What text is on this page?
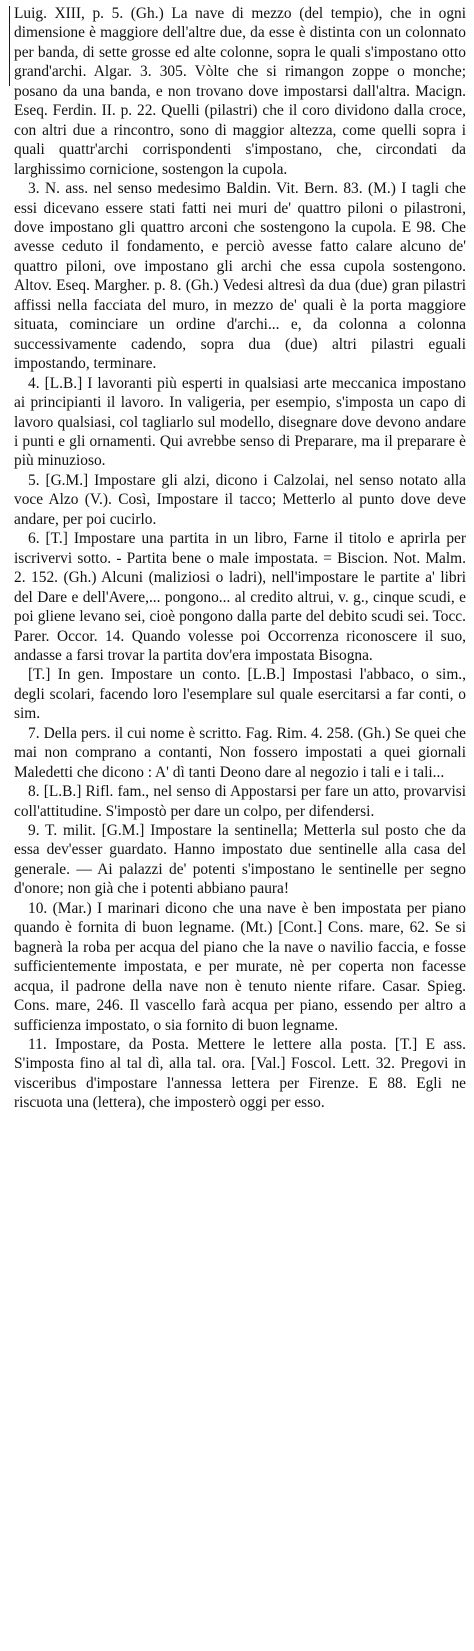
Luig. XIII, p. 5. (Gh.) La nave di mezzo (del tempio), che in ogni dimensione è maggiore dell'altre due, da esse è distinta con un colonnato per banda, di sette grosse ed alte colonne, sopra le quali s'impostano otto grand'archi. Algar. 3. 305. Vòlte che si rimangon zoppe o monche; posano da una banda, e non trovano dove impostarsi dall'altra. Macign. Eseq. Ferdin. II. p. 22. Quelli (pilastri) che il coro dividono dalla croce, con altri due a rincontro, sono di maggior altezza, come quelli sopra i quali quattr'archi corrispondenti s'impostano, che, circondati da larghissimo cornicione, sostengon la cupola.

3. N. ass. nel senso medesimo Baldin. Vit. Bern. 83. (M.) I tagli che essi dicevano essere stati fatti nei muri de' quattro piloni o pilastroni, dove impostano gli quattro arconi che sostengono la cupola. E 98. Che avesse ceduto il fondamento, e perciò avesse fatto calare alcuno de' quattro piloni, ove impostano gli archi che essa cupola sostengono. Altov. Eseq. Margher. p. 8. (Gh.) Vedesi altresì da dua (due) gran pilastri affissi nella facciata del muro, in mezzo de' quali è la porta maggiore situata, cominciare un ordine d'archi... e, da colonna a colonna successivamente cadendo, sopra dua (due) altri pilastri eguali impostando, terminare.

4. [L.B.] I lavoranti più esperti in qualsiasi arte meccanica impostano ai principianti il lavoro. In valigeria, per esempio, s'imposta un capo di lavoro qualsiasi, col tagliarlo sul modello, disegnare dove devono andare i punti e gli ornamenti. Qui avrebbe senso di Preparare, ma il preparare è più minuzioso.

5. [G.M.] Impostare gli alzi, dicono i Calzolai, nel senso notato alla voce Alzo (V.). Così, Impostare il tacco; Metterlo al punto dove deve andare, per poi cucirlo.

6. [T.] Impostare una partita in un libro, Farne il titolo e aprirla per iscrivervi sotto. - Partita bene o male impostata. = Biscion. Not. Malm. 2. 152. (Gh.) Alcuni (maliziosi o ladri), nell'impostare le partite a' libri del Dare e dell'Avere,... pongono... al credito altrui, v. g., cinque scudi, e poi gliene levano sei, cioè pongono dalla parte del debito scudi sei. Tocc. Parer. Occor. 14. Quando volesse poi Occorrenza riconoscere il suo, andasse a farsi trovar la partita dov'era impostata Bisogna.

[T.] In gen. Impostare un conto. [L.B.] Impostasi l'abbaco, o sim., degli scolari, facendo loro l'esemplare sul quale esercitarsi a far conti, o sim.

7. Della pers. il cui nome è scritto. Fag. Rim. 4. 258. (Gh.) Se quei che mai non comprano a contanti, Non fossero impostati a quei giornali Maledetti che dicono : A' dì tanti Deono dare al negozio i tali e i tali...

8. [L.B.] Rifl. fam., nel senso di Appostarsi per fare un atto, provarvisi coll'attitudine. S'impostò per dare un colpo, per difendersi.

9. T. milit. [G.M.] Impostare la sentinella; Metterla sul posto che da essa dev'esser guardato. Hanno impostato due sentinelle alla casa del generale. — Ai palazzi de' potenti s'impostano le sentinelle per segno d'onore; non già che i potenti abbiano paura!

10. (Mar.) I marinari dicono che una nave è ben impostata per piano quando è fornita di buon legname. (Mt.) [Cont.] Cons. mare, 62. Se si bagnerà la roba per acqua del piano che la nave o navilio faccia, e fosse sufficientemente impostata, e per murate, nè per coperta non facesse acqua, il padrone della nave non è tenuto niente rifare. Casar. Spieg. Cons. mare, 246. Il vascello farà acqua per piano, essendo per altro a sufficienza impostato, o sia fornito di buon legname.

11. Impostare, da Posta. Mettere le lettere alla posta. [T.] E ass. S'imposta fino al tal dì, alla tal. ora. [Val.] Foscol. Lett. 32. Pregovi in visceribus d'impostare l'annessa lettera per Firenze. E 88. Egli ne riscuota una (lettera), che imposterò oggi per esso.
